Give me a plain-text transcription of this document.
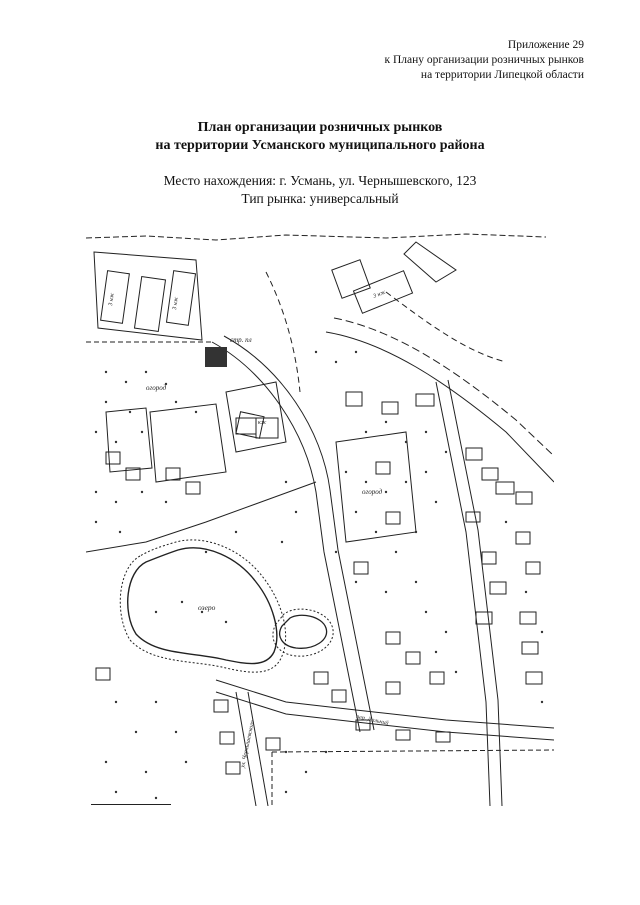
Приложение 29
к Плану организации розничных рынков
на территории Липецкой области
План организации розничных рынков
на территории Усманского муниципального района
Место нахождения: г. Усмань, ул. Чернышевского, 123
Тип рынка: универсальный
стр. пл
огород
огород
озеро
пер. Дальний
ул. Чернышевского
3 нж	3 нж
3 нж
кж
